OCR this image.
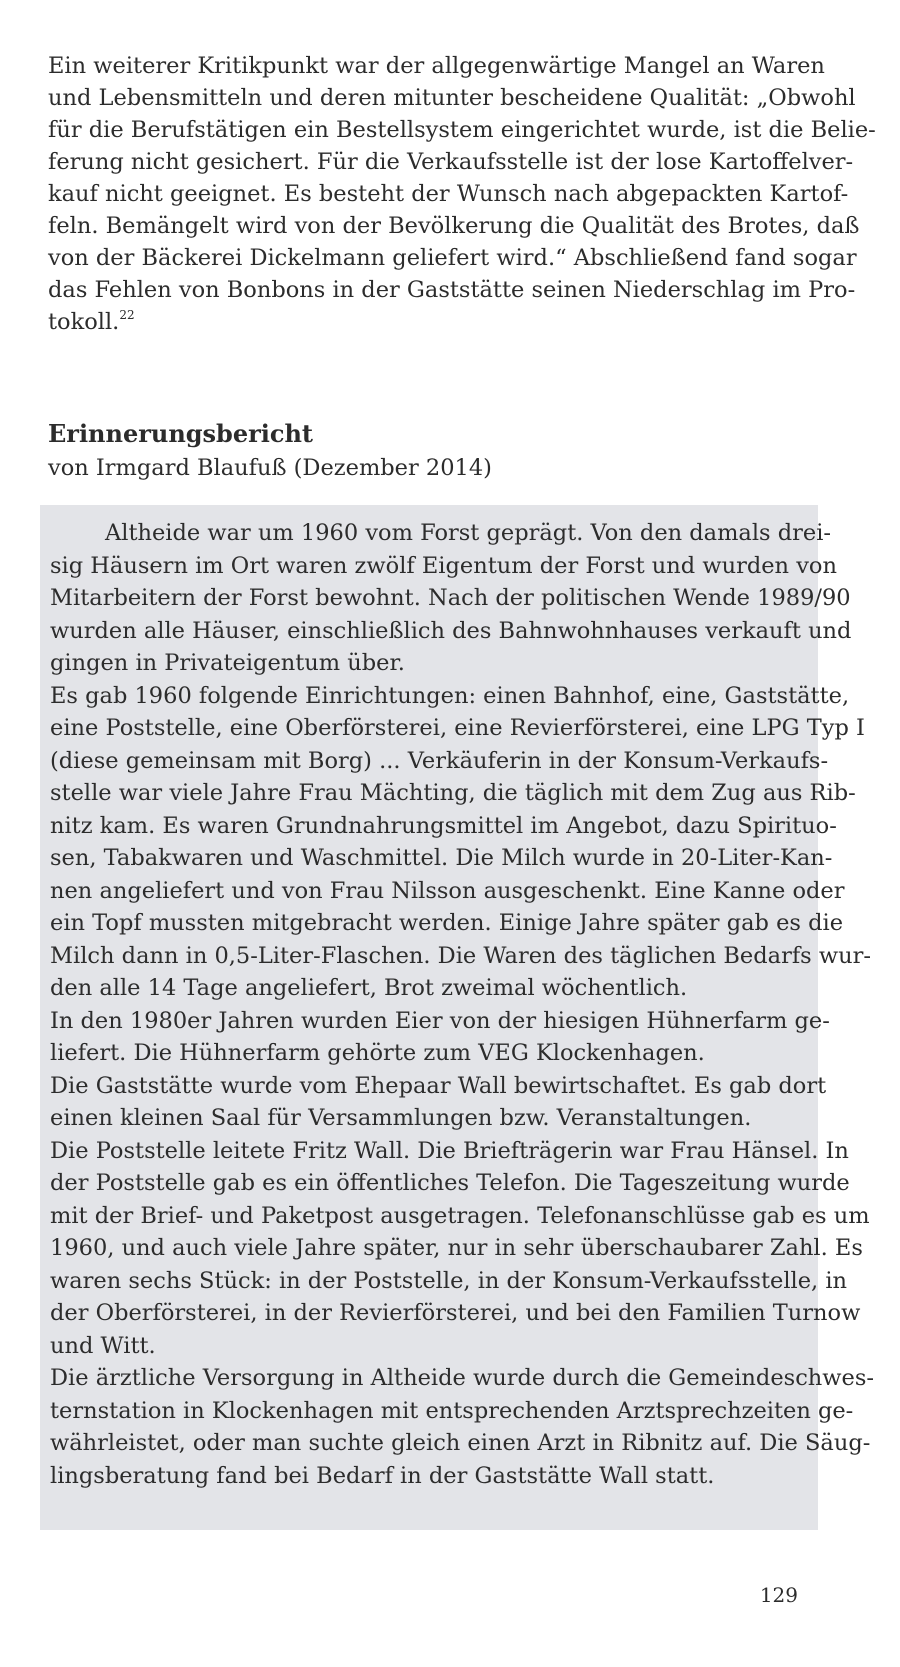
Ein weiterer Kritikpunkt war der allgegenwärtige Mangel an Waren
und Lebensmitteln und deren mitunter bescheidene Qualität: „Obwohl
für die Berufstätigen ein Bestellsystem eingerichtet wurde, ist die Belie-
ferung nicht gesichert. Für die Verkaufsstelle ist der lose Kartoffelver-
kauf nicht geeignet. Es besteht der Wunsch nach abgepackten Kartof-
feln. Bemängelt wird von der Bevölkerung die Qualität des Brotes, daß
von der Bäckerei Dickelmann geliefert wird.“ Abschließend fand sogar
das Fehlen von Bonbons in der Gaststätte seinen Niederschlag im Pro-
tokoll.$^{22}$
Erinnerungsbericht
von Irmgard Blaufuß (Dezember 2014)
Altheide war um 1960 vom Forst geprägt. Von den damals drei-
sig Häusern im Ort waren zwölf Eigentum der Forst und wurden von
Mitarbeitern der Forst bewohnt. Nach der politischen Wende 1989/90
wurden alle Häuser, einschließlich des Bahnwohnhauses verkauft und
gingen in Privateigentum über.
Es gab 1960 folgende Einrichtungen: einen Bahnhof, eine, Gaststätte,
eine Poststelle, eine Oberförsterei, eine Revierförsterei, eine LPG Typ I
(diese gemeinsam mit Borg) ... Verkäuferin in der Konsum-Verkaufs-
stelle war viele Jahre Frau Mächting, die täglich mit dem Zug aus Rib-
nitz kam. Es waren Grundnahrungsmittel im Angebot, dazu Spirituo-
sen, Tabakwaren und Waschmittel. Die Milch wurde in 20-Liter-Kan-
nen angeliefert und von Frau Nilsson ausgeschenkt. Eine Kanne oder
ein Topf mussten mitgebracht werden. Einige Jahre später gab es die
Milch dann in 0,5-Liter-Flaschen. Die Waren des täglichen Bedarfs wur-
den alle 14 Tage angeliefert, Brot zweimal wöchentlich.
In den 1980er Jahren wurden Eier von der hiesigen Hühnerfarm ge-
liefert. Die Hühnerfarm gehörte zum VEG Klockenhagen.
Die Gaststätte wurde vom Ehepaar Wall bewirtschaftet. Es gab dort
einen kleinen Saal für Versammlungen bzw. Veranstaltungen.
Die Poststelle leitete Fritz Wall. Die Briefträgerin war Frau Hänsel. In
der Poststelle gab es ein öffentliches Telefon. Die Tageszeitung wurde
mit der Brief- und Paketpost ausgetragen. Telefonanschlüsse gab es um
1960, und auch viele Jahre später, nur in sehr überschaubarer Zahl. Es
waren sechs Stück: in der Poststelle, in der Konsum-Verkaufsstelle, in
der Oberförsterei, in der Revierförsterei, und bei den Familien Turnow
und Witt.
Die ärztliche Versorgung in Altheide wurde durch die Gemeindeschwes-
ternstation in Klockenhagen mit entsprechenden Arztsprechzeiten ge-
währleistet, oder man suchte gleich einen Arzt in Ribnitz auf. Die Säug-
lingsberatung fand bei Bedarf in der Gaststätte Wall statt.
129
